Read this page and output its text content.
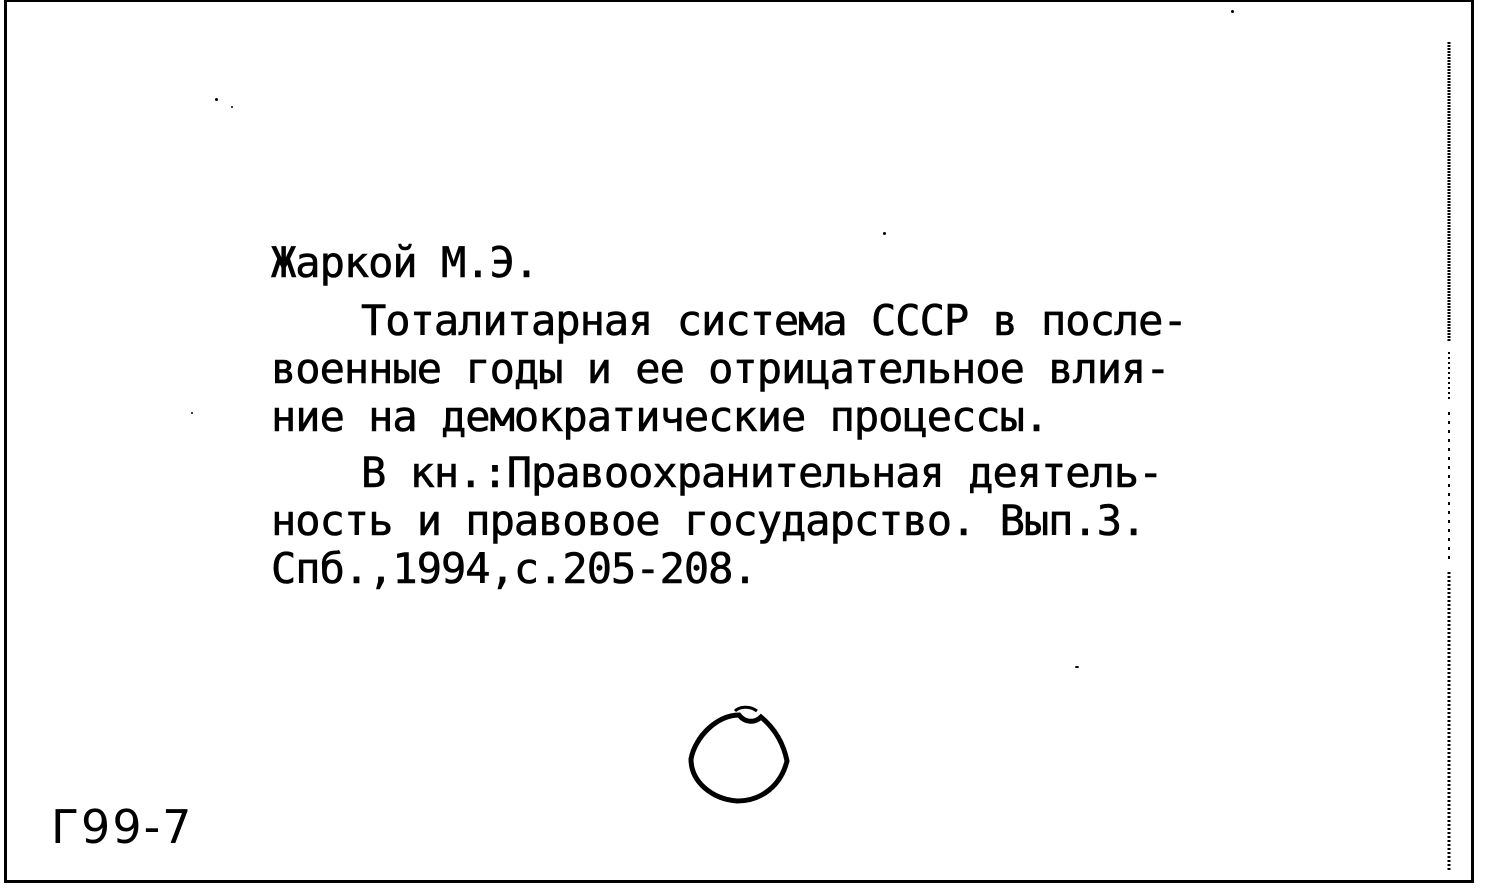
Жаркой М.Э.
Тоталитарная система СССР в после-
военные годы и ее отрицательное влия-
ние на демократические процессы.
В кн.:Правоохранительная деятель-
ность и правовое государство. Вып.3.
Спб.,1994,с.205-208.
Г99-7
